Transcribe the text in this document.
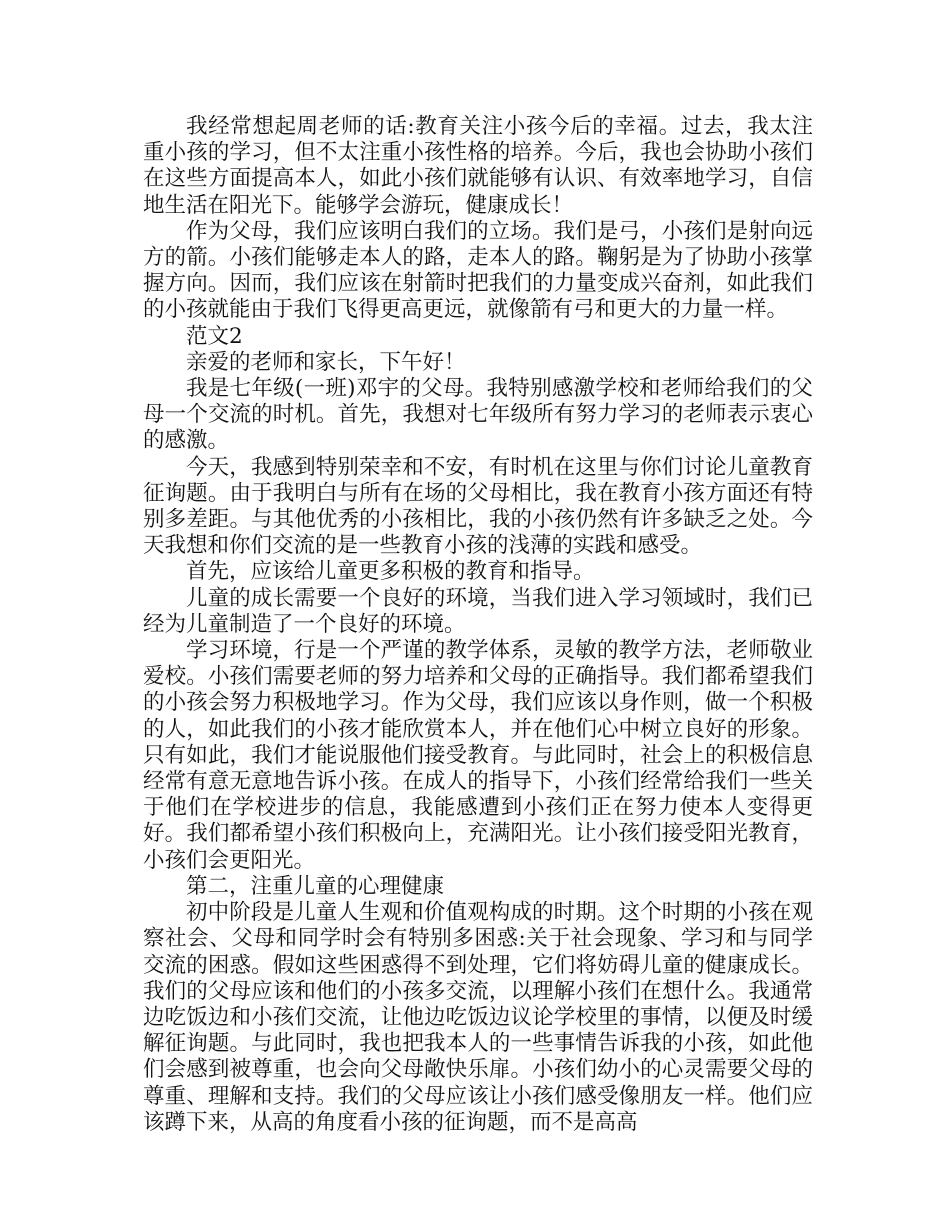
我经常想起周老师的话:教育关注小孩今后的幸福。过去，我太注重小孩的学习，但不太注重小孩性格的培养。今后，我也会协助小孩们在这些方面提高本人，如此小孩们就能够有认识、有效率地学习，自信地生活在阳光下。能够学会游玩，健康成长！

作为父母，我们应该明白我们的立场。我们是弓，小孩们是射向远方的箭。小孩们能够走本人的路，走本人的路。鞠躬是为了协助小孩掌握方向。因而，我们应该在射箭时把我们的力量变成兴奋剂，如此我们的小孩就能由于我们飞得更高更远，就像箭有弓和更大的力量一样。

范文2

亲爱的老师和家长，下午好！

我是七年级(一班)邓宇的父母。我特别感激学校和老师给我们的父母一个交流的时机。首先，我想对七年级所有努力学习的老师表示衷心的感激。

今天，我感到特别荣幸和不安，有时机在这里与你们讨论儿童教育征询题。由于我明白与所有在场的父母相比，我在教育小孩方面还有特别多差距。与其他优秀的小孩相比，我的小孩仍然有许多缺乏之处。今天我想和你们交流的是一些教育小孩的浅薄的实践和感受。

首先，应该给儿童更多积极的教育和指导。

儿童的成长需要一个良好的环境，当我们进入学习领域时，我们已经为儿童制造了一个良好的环境。

学习环境，行是一个严谨的教学体系，灵敏的教学方法，老师敬业爱校。小孩们需要老师的努力培养和父母的正确指导。我们都希望我们的小孩会努力积极地学习。作为父母，我们应该以身作则，做一个积极的人，如此我们的小孩才能欣赏本人，并在他们心中树立良好的形象。只有如此，我们才能说服他们接受教育。与此同时，社会上的积极信息经常有意无意地告诉小孩。在成人的指导下，小孩们经常给我们一些关于他们在学校进步的信息，我能感遭到小孩们正在努力使本人变得更好。我们都希望小孩们积极向上，充满阳光。让小孩们接受阳光教育，小孩们会更阳光。

第二，注重儿童的心理健康

初中阶段是儿童人生观和价值观构成的时期。这个时期的小孩在观察社会、父母和同学时会有特别多困惑:关于社会现象、学习和与同学交流的困惑。假如这些困惑得不到处理，它们将妨碍儿童的健康成长。我们的父母应该和他们的小孩多交流，以理解小孩们在想什么。我通常边吃饭边和小孩们交流，让他边吃饭边议论学校里的事情，以便及时缓解征询题。与此同时，我也把我本人的一些事情告诉我的小孩，如此他们会感到被尊重，也会向父母敞快乐扉。小孩们幼小的心灵需要父母的尊重、理解和支持。我们的父母应该让小孩们感受像朋友一样。他们应该蹲下来，从高的角度看小孩的征询题，而不是高高
